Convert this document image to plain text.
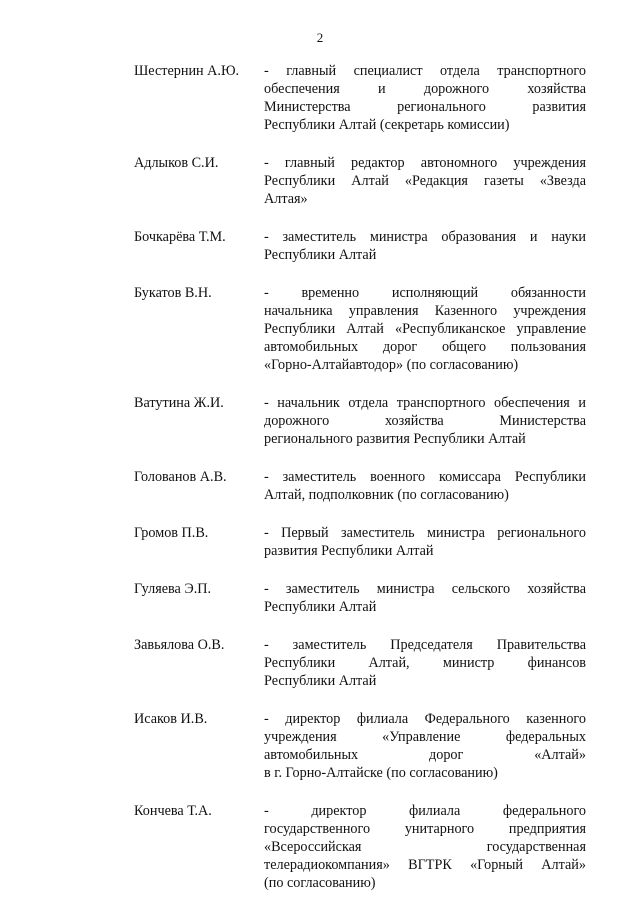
2
Шестернин А.Ю.	- главный специалист отдела транспортного
обеспечения и дорожного хозяйства
Министерства регионального развития
Республики Алтай (секретарь комиссии)
Адлыков С.И.	- главный редактор автономного учреждения
Республики Алтай «Редакция газеты «Звезда
Алтая»
Бочкарёва Т.М.	- заместитель министра образования и науки
Республики Алтай
Букатов В.Н.	- временно исполняющий обязанности
начальника управления Казенного учреждения
Республики Алтай «Республиканское управление
автомобильных дорог общего пользования
«Горно-Алтайавтодор» (по согласованию)
Ватутина Ж.И.	- начальник отдела транспортного обеспечения и
дорожного хозяйства Министерства
регионального развития Республики Алтай
Голованов А.В.	- заместитель военного комиссара Республики
Алтай, подполковник (по согласованию)
Громов П.В.	- Первый заместитель министра регионального
развития Республики Алтай
Гуляева Э.П.	- заместитель министра сельского хозяйства
Республики Алтай
Завьялова О.В.	- заместитель Председателя Правительства
Республики Алтай, министр финансов
Республики Алтай
Исаков И.В.	- директор филиала Федерального казенного
учреждения «Управление федеральных
автомобильных дорог «Алтай»
в г. Горно-Алтайске (по согласованию)
Кончева Т.А.	- директор филиала федерального
государственного унитарного предприятия
«Всероссийская государственная
телерадиокомпания» ВГТРК «Горный Алтай»
(по согласованию)
